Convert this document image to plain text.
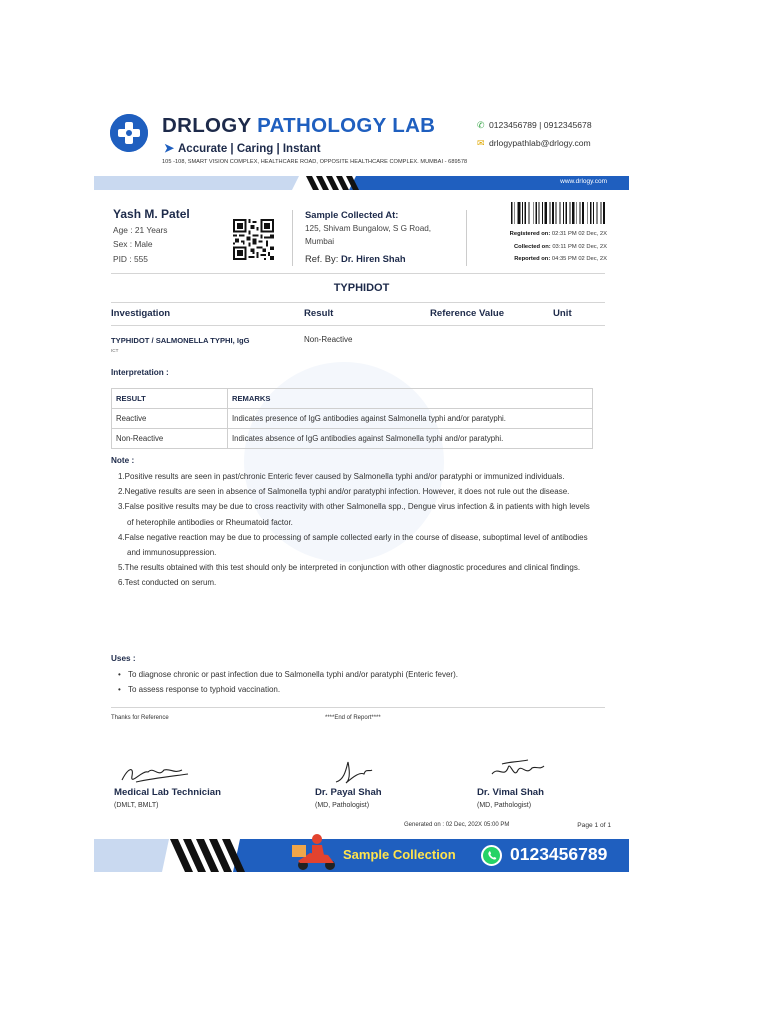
DRLOGY PATHOLOGY LAB
➤ Accurate | Caring | Instant
105 -108, SMART VISION COMPLEX, HEALTHCARE ROAD, OPPOSITE HEALTHCARE COMPLEX. MUMBAI - 689578
✆ 0123456789 | 0912345678
✉ drlogypathlab@drlogy.com
www.drlogy.com
Yash M. Patel
Age : 21 Years
Sex : Male
PID : 555
Sample Collected At:
125, Shivam Bungalow, S G Road, Mumbai
Ref. By: Dr. Hiren Shah
Registered on: 02:31 PM 02 Dec, 2X
Collected on: 03:11 PM 02 Dec, 2X
Reported on: 04:35 PM 02 Dec, 2X
TYPHIDOT
Investigation	Result	Reference Value	Unit
TYPHIDOT / SALMONELLA TYPHI, IgG
ICT
Non-Reactive
Interpretation :
RESULT	REMARKS
Reactive	Indicates presence of IgG antibodies against Salmonella typhi and/or paratyphi.
Non-Reactive	Indicates absence of IgG antibodies against Salmonella typhi and/or paratyphi.
Note :
1.Positive results are seen in past/chronic Enteric fever caused by Salmonella typhi and/or paratyphi or immunized individuals.
2.Negative results are seen in absence of Salmonella typhi and/or paratyphi infection. However, it does not rule out the disease.
3.False positive results may be due to cross reactivity with other Salmonella spp., Dengue virus infection & in patients with high levels of heterophile antibodies or Rheumatoid factor.
4.False negative reaction may be due to processing of sample collected early in the course of disease, suboptimal level of antibodies and immunosuppression.
5.The results obtained with this test should only be interpreted in conjunction with other diagnostic procedures and clinical findings.
6.Test conducted on serum.
Uses :
• To diagnose chronic or past infection due to Salmonella typhi and/or paratyphi (Enteric fever).
• To assess response to typhoid vaccination.
Thanks for Reference	****End of Report****
Medical Lab Technician
(DMLT, BMLT)
Dr. Payal Shah
(MD, Pathologist)
Dr. Vimal Shah
(MD, Pathologist)
Generated on : 02 Dec, 202X 05:00 PM	Page 1 of 1
Sample Collection	0123456789
